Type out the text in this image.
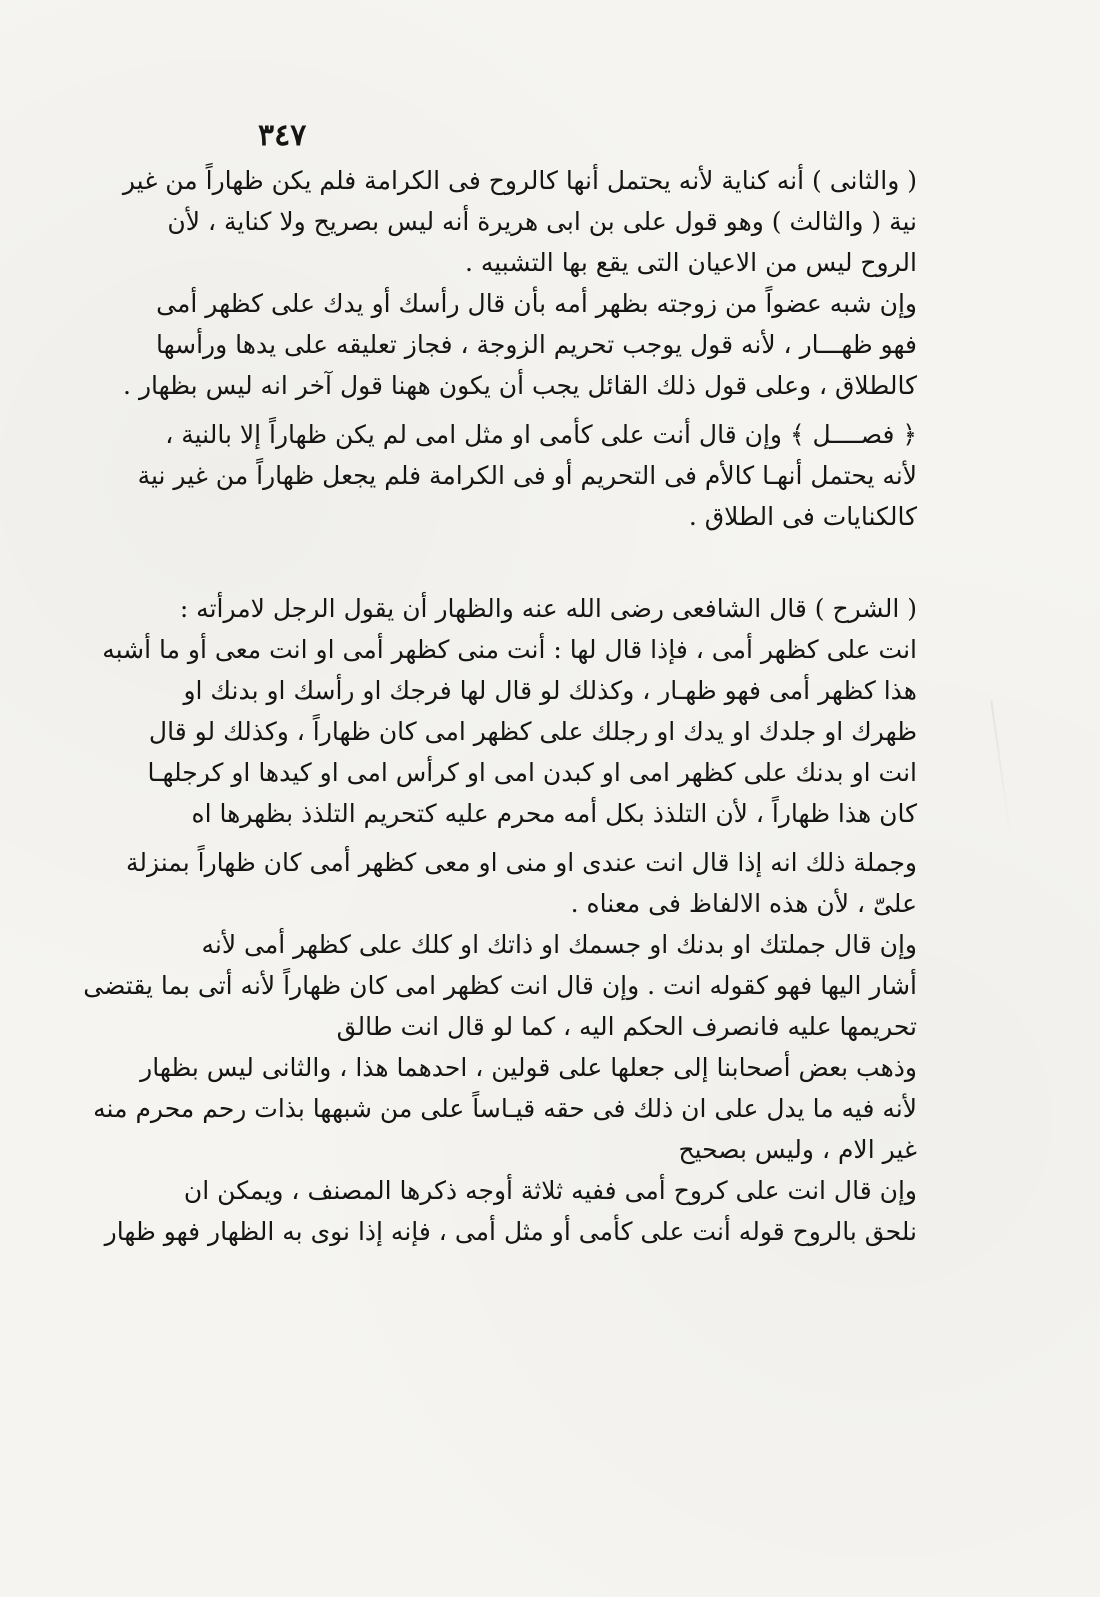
٣٤٧
( والثانى ) أنه كناية لأنه يحتمل أنها كالروح فى الكرامة فلم يكن ظهاراً من غير
نية ( والثالث ) وهو قول على بن ابى هريرة أنه ليس بصريح ولا كناية ، لأن
الروح ليس من الاعيان التى يقع بها التشبيه .
وإن شبه عضواً من زوجته بظهر أمه بأن قال رأسك أو يدك على كظهر أمى
فهو ظهـــار ، لأنه قول يوجب تحريم الزوجة ، فجاز تعليقه على يدها ورأسها
كالطلاق ، وعلى قول ذلك القائل يجب أن يكون ههنا قول آخر انه ليس بظهار .
﴿ فصــــل ﴾ وإن قال أنت على كأمى او مثل امى لم يكن ظهاراً إلا بالنية ،
لأنه يحتمل أنهـا كالأم فى التحريم أو فى الكرامة فلم يجعل ظهاراً من غير نية
كالكنايات فى الطلاق .
( الشرح ) قال الشافعى رضى الله عنه والظهار أن يقول الرجل لامرأته :
انت على كظهر أمى ، فإذا قال لها : أنت منى كظهر أمى او انت معى أو ما أشبه
هذا كظهر أمى فهو ظهـار ، وكذلك لو قال لها فرجك او رأسك او بدنك او
ظهرك او جلدك او يدك او رجلك على كظهر امى كان ظهاراً ، وكذلك لو قال
انت او بدنك على كظهر امى او كبدن امى او كرأس امى او كيدها او كرجلهـا
كان هذا ظهاراً ، لأن التلذذ بكل أمه محرم عليه كتحريم التلذذ بظهرها اه
وجملة ذلك انه إذا قال انت عندى او منى او معى كظهر أمى كان ظهاراً بمنزلة
علىّ ، لأن هذه الالفاظ فى معناه .
وإن قال جملتك او بدنك او جسمك او ذاتك او كلك على كظهر أمى لأنه
أشار اليها فهو كقوله انت . وإن قال انت كظهر امى كان ظهاراً لأنه أتى بما يقتضى
تحريمها عليه فانصرف الحكم اليه ، كما لو قال انت طالق
وذهب بعض أصحابنا إلى جعلها على قولين ، احدهما هذا ، والثانى ليس بظهار
لأنه فيه ما يدل على ان ذلك فى حقه قيـاساً على من شبهها بذات رحم محرم منه
غير الام ، وليس بصحيح
وإن قال انت على كروح أمى ففيه ثلاثة أوجه ذكرها المصنف ، ويمكن ان
نلحق بالروح قوله أنت على كأمى أو مثل أمى ، فإنه إذا نوى به الظهار فهو ظهار
